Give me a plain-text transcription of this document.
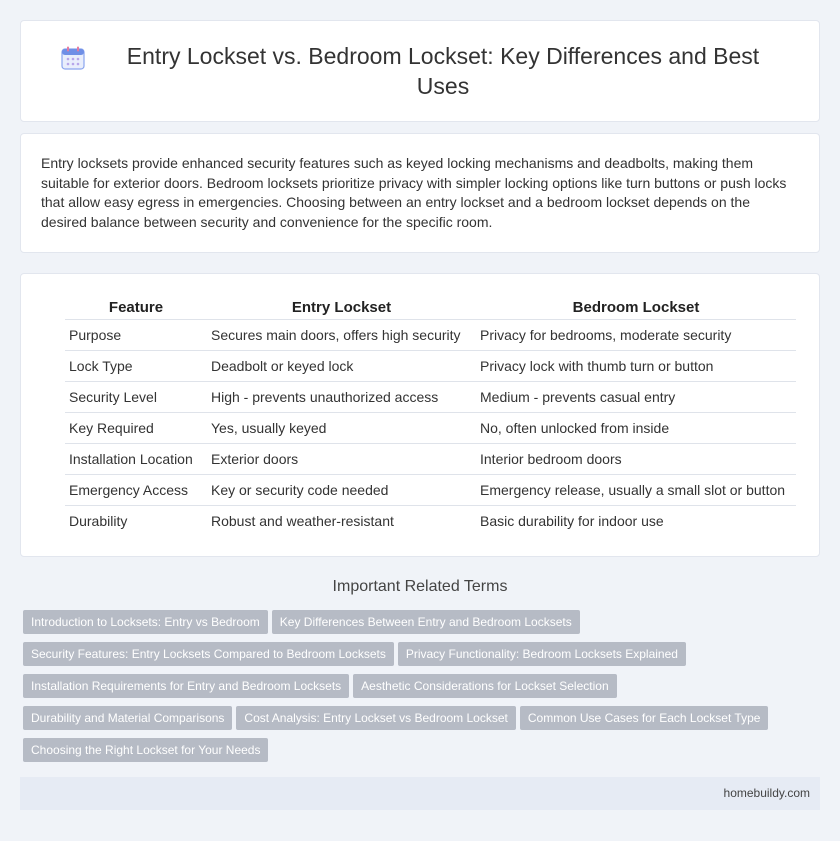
Entry Lockset vs. Bedroom Lockset: Key Differences and Best Uses

Entry locksets provide enhanced security features such as keyed locking mechanisms and deadbolts, making them suitable for exterior doors. Bedroom locksets prioritize privacy with simpler locking options like turn buttons or push locks that allow easy egress in emergencies. Choosing between an entry lockset and a bedroom lockset depends on the desired balance between security and convenience for the specific room.

Feature	Entry Lockset	Bedroom Lockset
Purpose	Secures main doors, offers high security	Privacy for bedrooms, moderate security
Lock Type	Deadbolt or keyed lock	Privacy lock with thumb turn or button
Security Level	High - prevents unauthorized access	Medium - prevents casual entry
Key Required	Yes, usually keyed	No, often unlocked from inside
Installation Location	Exterior doors	Interior bedroom doors
Emergency Access	Key or security code needed	Emergency release, usually a small slot or button
Durability	Robust and weather-resistant	Basic durability for indoor use
Important Related Terms
Introduction to Locksets: Entry vs Bedroom Key Differences Between Entry and Bedroom Locksets
Security Features: Entry Locksets Compared to Bedroom Locksets Privacy Functionality: Bedroom Locksets Explained
Installation Requirements for Entry and Bedroom Locksets Aesthetic Considerations for Lockset Selection
Durability and Material Comparisons Cost Analysis: Entry Lockset vs Bedroom Lockset Common Use Cases for Each Lockset Type
Choosing the Right Lockset for Your Needs
homebuildy.com
